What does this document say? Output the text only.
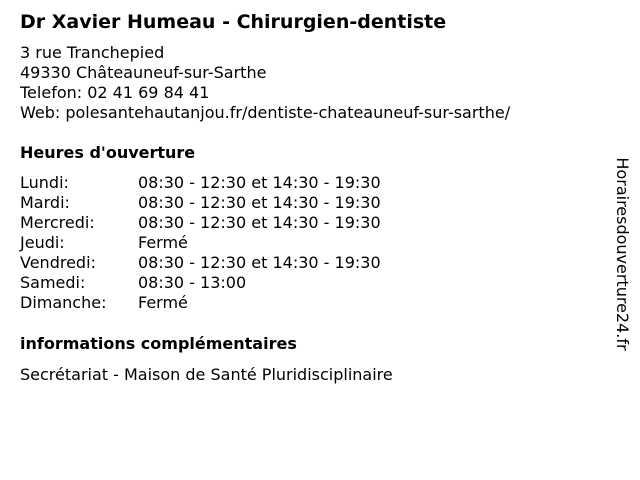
Dr Xavier Humeau - Chirurgien-dentiste
3 rue Tranchepied
49330 Châteauneuf-sur-Sarthe
Telefon: 02 41 69 84 41
Web: polesantehautanjou.fr/dentiste-chateauneuf-sur-sarthe/
Heures d'ouverture
Lundi:	08:30 - 12:30 et 14:30 - 19:30
Mardi:	08:30 - 12:30 et 14:30 - 19:30
Mercredi:	08:30 - 12:30 et 14:30 - 19:30
Jeudi:	Fermé
Vendredi:	08:30 - 12:30 et 14:30 - 19:30
Samedi:	08:30 - 13:00
Dimanche:	Fermé
informations complémentaires
Secrétariat - Maison de Santé Pluridisciplinaire
Horairesdouverture24.fr
